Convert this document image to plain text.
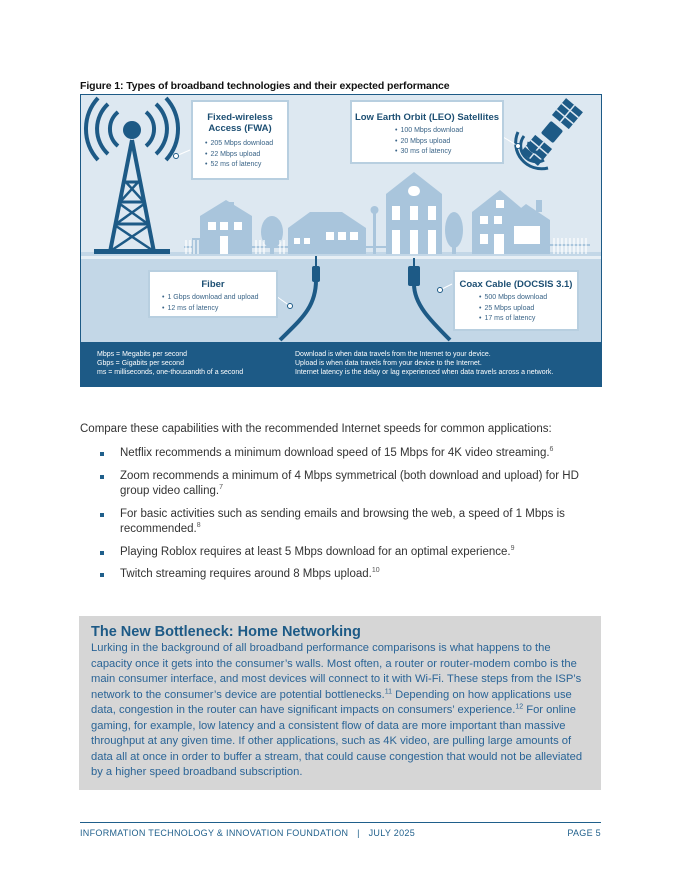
Figure 1: Types of broadband technologies and their expected performance
Fixed-wireless Access (FWA)
• 205 Mbps download
• 22 Mbps upload
• 52 ms of latency
Low Earth Orbit (LEO) Satellites
• 100 Mbps download
• 20 Mbps upload
• 30 ms of latency
Fiber
• 1 Gbps download and upload
• 12 ms of latency
Coax Cable (DOCSIS 3.1)
• 500 Mbps download
• 25 Mbps upload
• 17 ms of latency
Mbps = Megabits per second
Gbps = Gigabits per second
ms = milliseconds, one-thousandth of a second
Download is when data travels from the Internet to your device.
Upload is when data travels from your device to the Internet.
Internet latency is the delay or lag experienced when data travels across a network.
Compare these capabilities with the recommended Internet speeds for common applications:
Netflix recommends a minimum download speed of 15 Mbps for 4K video streaming.$^6$
Zoom recommends a minimum of 4 Mbps symmetrical (both download and upload) for HD group video calling.$^7$
For basic activities such as sending emails and browsing the web, a speed of 1 Mbps is recommended.$^8$
Playing Roblox requires at least 5 Mbps download for an optimal experience.$^9$
Twitch streaming requires around 8 Mbps upload.$^{10}$
The New Bottleneck: Home Networking

Lurking in the background of all broadband performance comparisons is what happens to the capacity once it gets into the consumer’s walls. Most often, a router or router-modem combo is the main consumer interface, and most devices will connect to it with Wi-Fi. These steps from the ISP’s network to the consumer’s device are potential bottlenecks.$^{11}$ Depending on how applications use data, congestion in the router can have significant impacts on consumers’ experience.$^{12}$ For online gaming, for example, low latency and a consistent flow of data are more important than massive throughput at any given time. If other applications, such as 4K video, are pulling large amounts of data all at once in order to buffer a stream, that could cause congestion that would not be alleviated by a higher speed broadband subscription.

INFORMATION TECHNOLOGY & INNOVATION FOUNDATION | JULY 2025	PAGE 5
